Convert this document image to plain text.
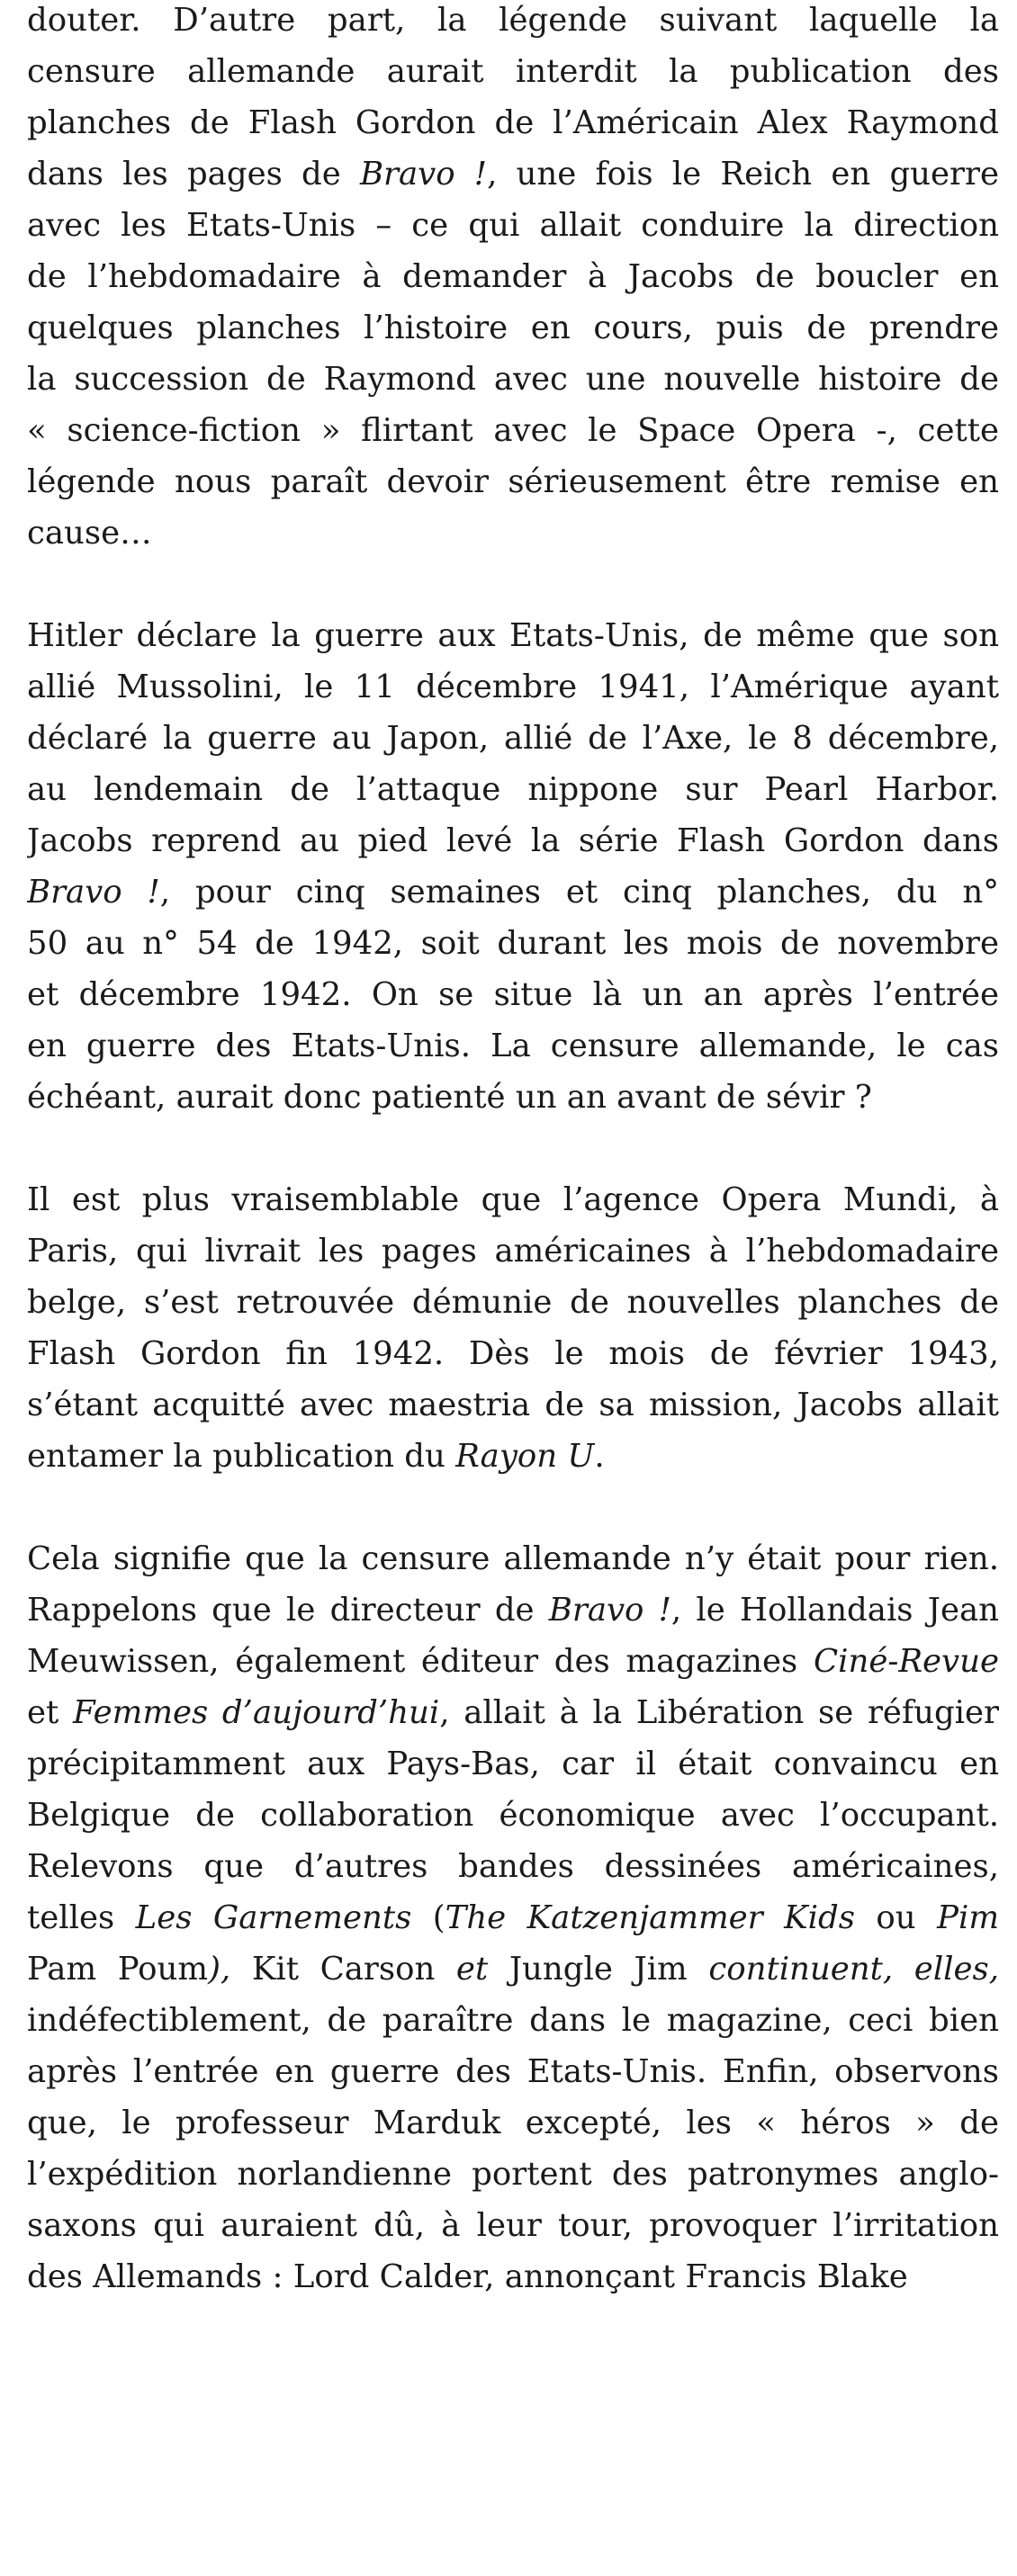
douter. D’autre part, la légende suivant laquelle la
censure allemande aurait interdit la publication des
planches de Flash Gordon de l’Américain Alex Raymond
dans les pages de Bravo !, une fois le Reich en guerre
avec les Etats-Unis – ce qui allait conduire la direction
de l’hebdomadaire à demander à Jacobs de boucler en
quelques planches l’histoire en cours, puis de prendre
la succession de Raymond avec une nouvelle histoire de
« science-fiction » flirtant avec le Space Opera -, cette
légende nous paraît devoir sérieusement être remise en
cause…
Hitler déclare la guerre aux Etats-Unis, de même que son
allié Mussolini, le 11 décembre 1941, l’Amérique ayant
déclaré la guerre au Japon, allié de l’Axe, le 8 décembre,
au lendemain de l’attaque nippone sur Pearl Harbor.
Jacobs reprend au pied levé la série Flash Gordon dans
Bravo !, pour cinq semaines et cinq planches, du n°
50 au n° 54 de 1942, soit durant les mois de novembre
et décembre 1942. On se situe là un an après l’entrée
en guerre des Etats-Unis. La censure allemande, le cas
échéant, aurait donc patienté un an avant de sévir ?
Il est plus vraisemblable que l’agence Opera Mundi, à
Paris, qui livrait les pages américaines à l’hebdomadaire
belge, s’est retrouvée démunie de nouvelles planches de
Flash Gordon fin 1942. Dès le mois de février 1943,
s’étant acquitté avec maestria de sa mission, Jacobs allait
entamer la publication du Rayon U.
Cela signifie que la censure allemande n’y était pour rien.
Rappelons que le directeur de Bravo !, le Hollandais Jean
Meuwissen, également éditeur des magazines Ciné-Revue
et Femmes d’aujourd’hui, allait à la Libération se réfugier
précipitamment aux Pays-Bas, car il était convaincu en
Belgique de collaboration économique avec l’occupant.
Relevons que d’autres bandes dessinées américaines,
telles Les Garnements (The Katzenjammer Kids ou Pim
Pam Poum), Kit Carson et Jungle Jim continuent, elles,
indéfectiblement, de paraître dans le magazine, ceci bien
après l’entrée en guerre des Etats-Unis. Enfin, observons
que, le professeur Marduk excepté, les « héros » de
l’expédition norlandienne portent des patronymes anglo-
saxons qui auraient dû, à leur tour, provoquer l’irritation
des Allemands : Lord Calder, annonçant Francis Blake
